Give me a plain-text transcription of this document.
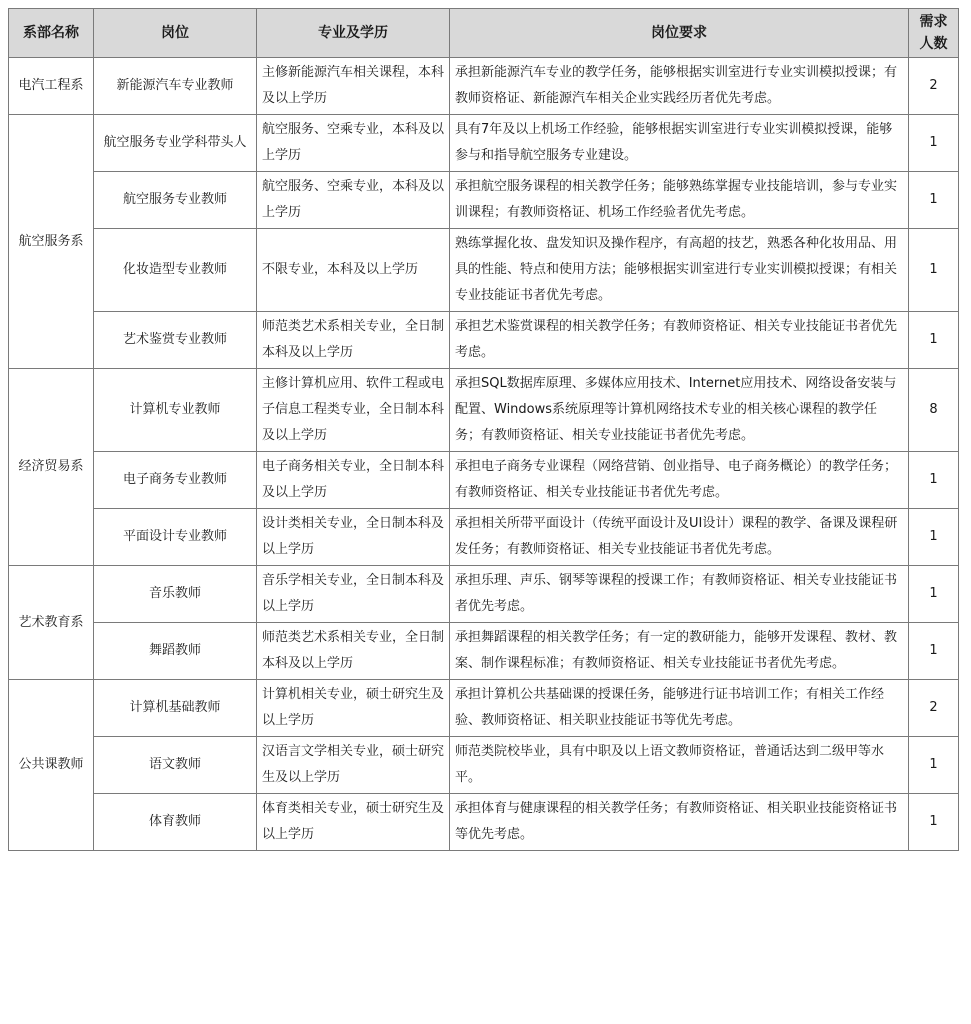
系部名称	岗位	专业及学历	岗位要求	需求人数
电汽工程系	新能源汽车专业教师	主修新能源汽车相关课程，本科及以上学历	承担新能源汽车专业的教学任务，能够根据实训室进行专业实训模拟授课；有教师资格证、新能源汽车相关企业实践经历者优先考虑。	2
航空服务系	航空服务专业学科带头人	航空服务、空乘专业，本科及以上学历	具有7年及以上机场工作经验，能够根据实训室进行专业实训模拟授课，能够参与和指导航空服务专业建设。	1
	航空服务专业教师	航空服务、空乘专业，本科及以上学历	承担航空服务课程的相关教学任务；能够熟练掌握专业技能培训，参与专业实训课程；有教师资格证、机场工作经验者优先考虑。	1
	化妆造型专业教师	不限专业，本科及以上学历	熟练掌握化妆、盘发知识及操作程序，有高超的技艺，熟悉各种化妆用品、用具的性能、特点和使用方法；能够根据实训室进行专业实训模拟授课；有相关专业技能证书者优先考虑。	1
	艺术鉴赏专业教师	师范类艺术系相关专业，全日制本科及以上学历	承担艺术鉴赏课程的相关教学任务；有教师资格证、相关专业技能证书者优先考虑。	1
经济贸易系	计算机专业教师	主修计算机应用、软件工程或电子信息工程类专业，全日制本科及以上学历	承担SQL数据库原理、多媒体应用技术、Internet应用技术、网络设备安装与配置、Windows系统原理等计算机网络技术专业的相关核心课程的教学任务；有教师资格证、相关专业技能证书者优先考虑。	8
	电子商务专业教师	电子商务相关专业，全日制本科及以上学历	承担电子商务专业课程（网络营销、创业指导、电子商务概论）的教学任务；有教师资格证、相关专业技能证书者优先考虑。	1
	平面设计专业教师	设计类相关专业，全日制本科及以上学历	承担相关所带平面设计（传统平面设计及UI设计）课程的教学、备课及课程研发任务；有教师资格证、相关专业技能证书者优先考虑。	1
艺术教育系	音乐教师	音乐学相关专业，全日制本科及以上学历	承担乐理、声乐、钢琴等课程的授课工作；有教师资格证、相关专业技能证书者优先考虑。	1
	舞蹈教师	师范类艺术系相关专业，全日制本科及以上学历	承担舞蹈课程的相关教学任务；有一定的教研能力，能够开发课程、教材、教案、制作课程标准；有教师资格证、相关专业技能证书者优先考虑。	1
公共课教师	计算机基础教师	计算机相关专业，硕士研究生及以上学历	承担计算机公共基础课的授课任务，能够进行证书培训工作；有相关工作经验、教师资格证、相关职业技能证书等优先考虑。	2
	语文教师	汉语言文学相关专业，硕士研究生及以上学历	师范类院校毕业，具有中职及以上语文教师资格证，普通话达到二级甲等水平。	1
	体育教师	体育类相关专业，硕士研究生及以上学历	承担体育与健康课程的相关教学任务；有教师资格证、相关职业技能资格证书等优先考虑。	1
